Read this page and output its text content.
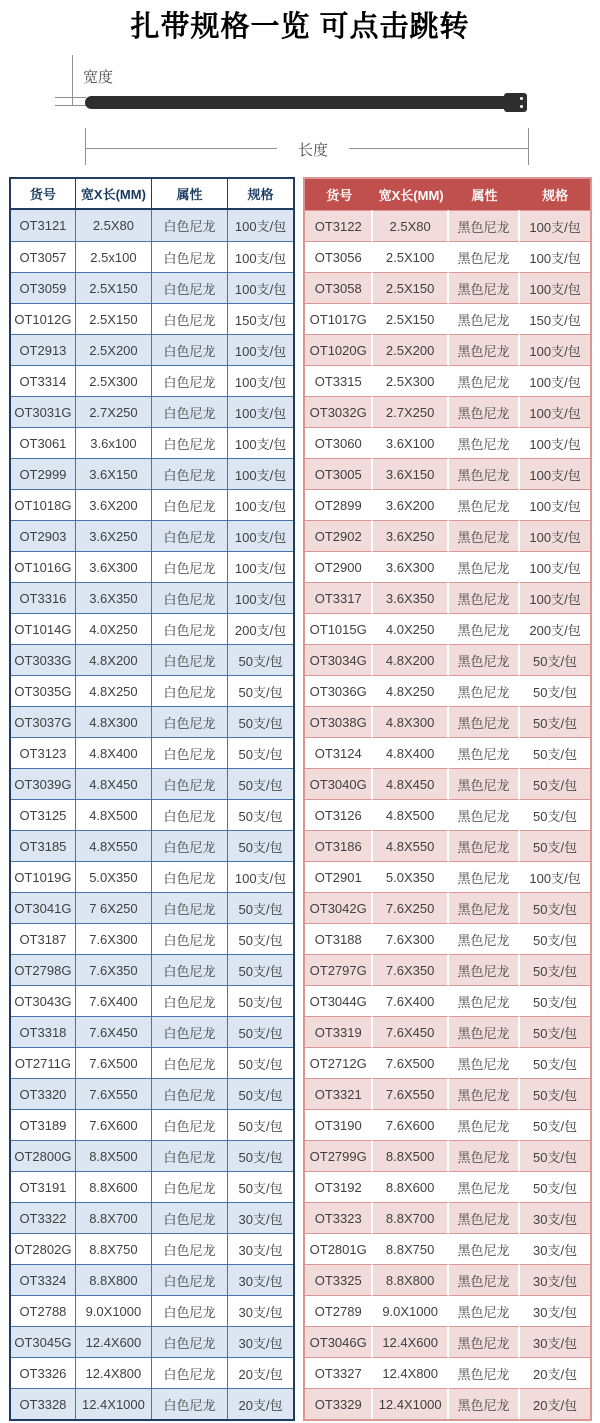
扎带规格一览 可点击跳转
宽度
长度
货号	宽X长(MM)	属性	规格
OT3121	2.5X80	白色尼龙	100支/包
OT3057	2.5x100	白色尼龙	100支/包
OT3059	2.5X150	白色尼龙	100支/包
OT1012G	2.5X150	白色尼龙	150支/包
OT2913	2.5X200	白色尼龙	100支/包
OT3314	2.5X300	白色尼龙	100支/包
OT3031G	2.7X250	白色尼龙	100支/包
OT3061	3.6x100	白色尼龙	100支/包
OT2999	3.6X150	白色尼龙	100支/包
OT1018G	3.6X200	白色尼龙	100支/包
OT2903	3.6X250	白色尼龙	100支/包
OT1016G	3.6X300	白色尼龙	100支/包
OT3316	3.6X350	白色尼龙	100支/包
OT1014G	4.0X250	白色尼龙	200支/包
OT3033G	4.8X200	白色尼龙	50支/包
OT3035G	4.8X250	白色尼龙	50支/包
OT3037G	4.8X300	白色尼龙	50支/包
OT3123	4.8X400	白色尼龙	50支/包
OT3039G	4.8X450	白色尼龙	50支/包
OT3125	4.8X500	白色尼龙	50支/包
OT3185	4.8X550	白色尼龙	50支/包
OT1019G	5.0X350	白色尼龙	100支/包
OT3041G	7 6X250	白色尼龙	50支/包
OT3187	7.6X300	白色尼龙	50支/包
OT2798G	7.6X350	白色尼龙	50支/包
OT3043G	7.6X400	白色尼龙	50支/包
OT3318	7.6X450	白色尼龙	50支/包
OT2711G	7.6X500	白色尼龙	50支/包
OT3320	7.6X550	白色尼龙	50支/包
OT3189	7.6X600	白色尼龙	50支/包
OT2800G	8.8X500	白色尼龙	50支/包
OT3191	8.8X600	白色尼龙	50支/包
OT3322	8.8X700	白色尼龙	30支/包
OT2802G	8.8X750	白色尼龙	30支/包
OT3324	8.8X800	白色尼龙	30支/包
OT2788	9.0X1000	白色尼龙	30支/包
OT3045G	12.4X600	白色尼龙	30支/包
OT3326	12.4X800	白色尼龙	20支/包
OT3328	12.4X1000	白色尼龙	20支/包
货号	宽X长(MM)	属性	规格
OT3122	2.5X80	黑色尼龙	100支/包
OT3056	2.5X100	黑色尼龙	100支/包
OT3058	2.5X150	黑色尼龙	100支/包
OT1017G	2.5X150	黑色尼龙	150支/包
OT1020G	2.5X200	黑色尼龙	100支/包
OT3315	2.5X300	黑色尼龙	100支/包
OT3032G	2.7X250	黑色尼龙	100支/包
OT3060	3.6X100	黑色尼龙	100支/包
OT3005	3.6X150	黑色尼龙	100支/包
OT2899	3.6X200	黑色尼龙	100支/包
OT2902	3.6X250	黑色尼龙	100支/包
OT2900	3.6X300	黑色尼龙	100支/包
OT3317	3.6X350	黑色尼龙	100支/包
OT1015G	4.0X250	黑色尼龙	200支/包
OT3034G	4.8X200	黑色尼龙	50支/包
OT3036G	4.8X250	黑色尼龙	50支/包
OT3038G	4.8X300	黑色尼龙	50支/包
OT3124	4.8X400	黑色尼龙	50支/包
OT3040G	4.8X450	黑色尼龙	50支/包
OT3126	4.8X500	黑色尼龙	50支/包
OT3186	4.8X550	黑色尼龙	50支/包
OT2901	5.0X350	黑色尼龙	100支/包
OT3042G	7.6X250	黑色尼龙	50支/包
OT3188	7.6X300	黑色尼龙	50支/包
OT2797G	7.6X350	黑色尼龙	50支/包
OT3044G	7.6X400	黑色尼龙	50支/包
OT3319	7.6X450	黑色尼龙	50支/包
OT2712G	7.6X500	黑色尼龙	50支/包
OT3321	7.6X550	黑色尼龙	50支/包
OT3190	7.6X600	黑色尼龙	50支/包
OT2799G	8.8X500	黑色尼龙	50支/包
OT3192	8.8X600	黑色尼龙	50支/包
OT3323	8.8X700	黑色尼龙	30支/包
OT2801G	8.8X750	黑色尼龙	30支/包
OT3325	8.8X800	黑色尼龙	30支/包
OT2789	9.0X1000	黑色尼龙	30支/包
OT3046G	12.4X600	黑色尼龙	30支/包
OT3327	12.4X800	黑色尼龙	20支/包
OT3329	12.4X1000	黑色尼龙	20支/包
